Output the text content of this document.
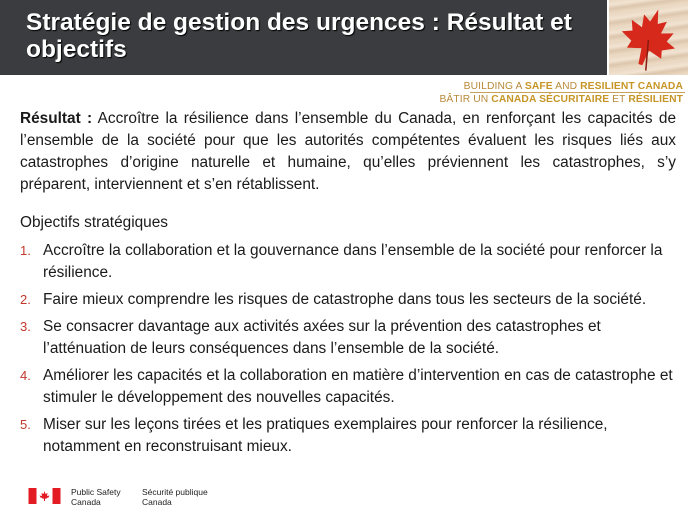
Stratégie de gestion des urgences : Résultat et objectifs
BUILDING A SAFE AND RESILIENT CANADA
BÂTIR UN CANADA SÉCURITAIRE ET RÉSILIENT

Résultat : Accroître la résilience dans l’ensemble du Canada, en renforçant les capacités de l’ensemble de la société pour que les autorités compétentes évaluent les risques liés aux catastrophes d’origine naturelle et humaine, qu’elles préviennent les catastrophes, s’y préparent, interviennent et s’en rétablissent.

Objectifs stratégiques
1. Accroître la collaboration et la gouvernance dans l’ensemble de la société pour renforcer la résilience.
2. Faire mieux comprendre les risques de catastrophe dans tous les secteurs de la société.
3. Se consacrer davantage aux activités axées sur la prévention des catastrophes et l’atténuation de leurs conséquences dans l’ensemble de la société.
4. Améliorer les capacités et la collaboration en matière d’intervention en cas de catastrophe et stimuler le développement des nouvelles capacités.
5. Miser sur les leçons tirées et les pratiques exemplaires pour renforcer la résilience, notamment en reconstruisant mieux.
Public Safety
Canada
Sécurité publique
Canada
